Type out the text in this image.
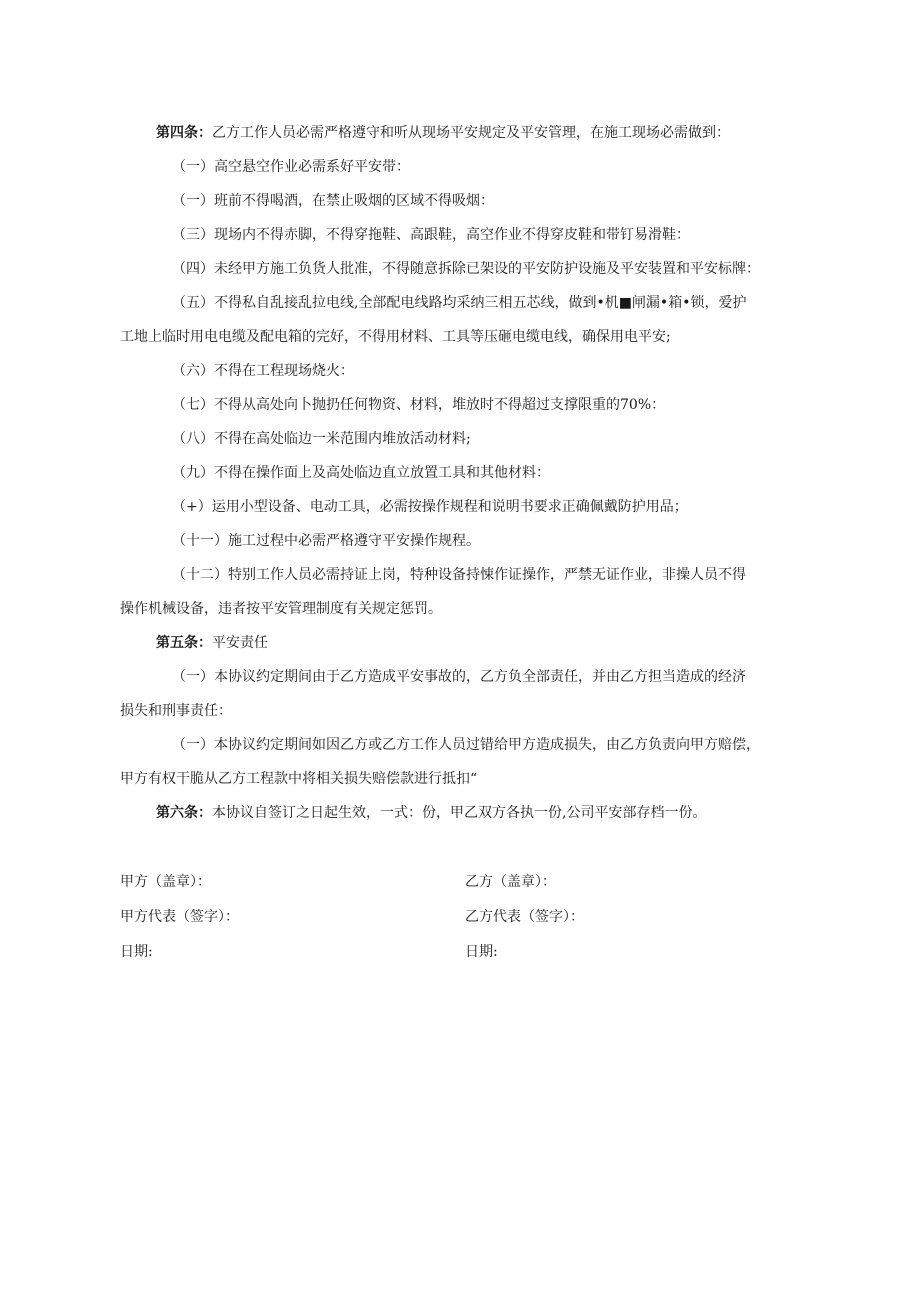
第四条：乙方工作人员必需严格遵守和听从现场平安规定及平安管理，在施工现场必需做到：
（一）高空悬空作业必需系好平安带：
（一）班前不得喝酒，在禁止吸烟的区域不得吸烟：
（三）现场内不得赤脚，不得穿拖鞋、高跟鞋，高空作业不得穿皮鞋和带钉易滑鞋：
（四）未经甲方施工负货人批准，不得随意拆除已架设的平安防护设施及平安装置和平安标牌：
（五）不得私自乱接乱拉电线,全部配电线路均采纳三相五芯线，做到•机■闸漏•箱•锁，爱护
工地上临时用电电缆及配电箱的完好，不得用材料、工具等压砸电缆电线，确保用电平安;
（六）不得在工程现场烧火：
（七）不得从高处向卜抛扔任何物资、材料，堆放时不得超过支撑限重的70%：
（八）不得在高处临边一米范围内堆放活动材料;
（九）不得在操作面上及高处临边直立放置工具和其他材料：
（+）运用小型设备、电动工具，必需按操作规程和说明书要求正确佩戴防护用品；
（十一）施工过程中必需严格遵守平安操作规程。
（十二）特别工作人员必需持证上岗，特种设备持悚作证操作，严禁无证作业，非操人员不得
操作机械设备，违者按平安管理制度有关规定惩罚。
第五条：平安责任
（一）本协议约定期间由于乙方造成平安事故的，乙方负全部责任，并由乙方担当造成的经济
损失和刑事责任：
（一）本协议约定期间如因乙方或乙方工作人员过错给甲方造成损失，由乙方负责向甲方赔偿，
甲方有权干脆从乙方工程款中将相关损失赔偿款进行抵扣“
第六条：本协议自签订之日起生效，一式：份，甲乙双方各执一份,公司平安部存档一份。
甲方（盖章）：	乙方（盖章）：
甲方代表（签字）：	乙方代表（签字）：
日期:	日期:
